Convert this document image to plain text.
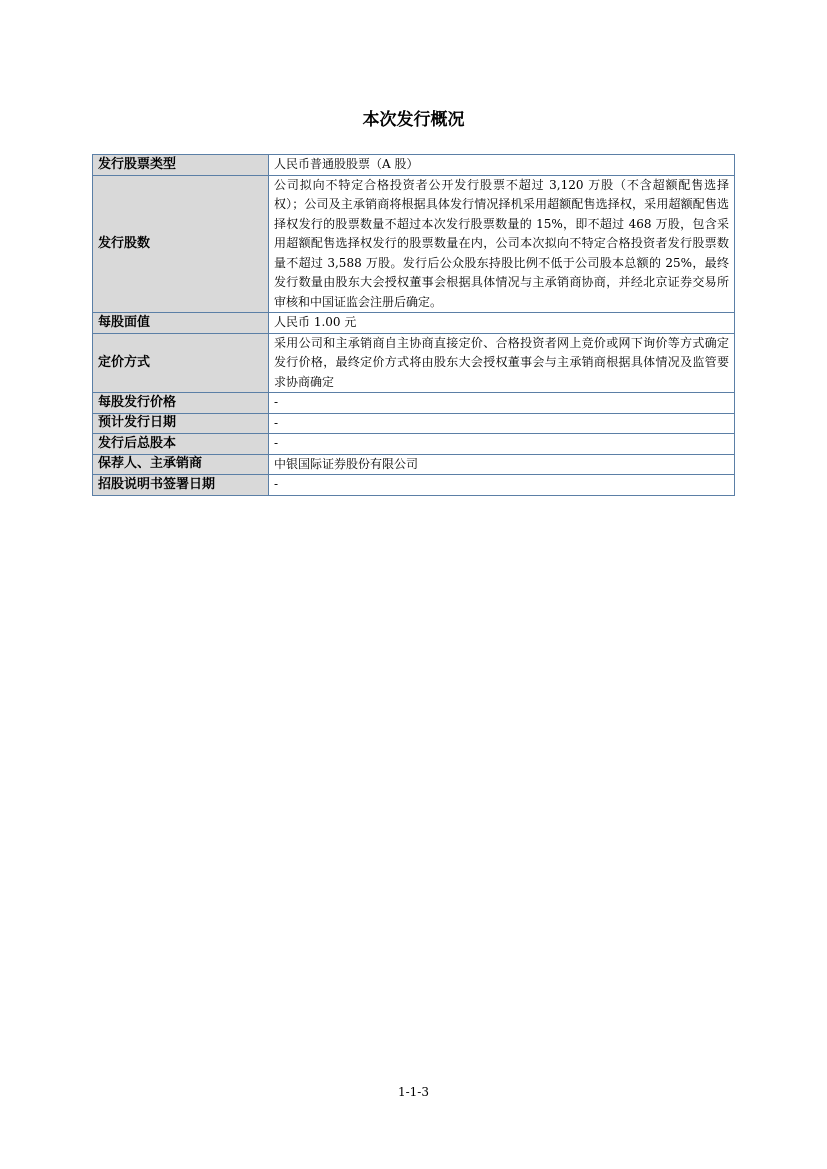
本次发行概况
发行股票类型	人民币普通股股票（A 股）
发行股数	公司拟向不特定合格投资者公开发行股票不超过 3,120 万股（不含超额配售选择权）；公司及主承销商将根据具体发行情况择机采用超额配售选择权，采用超额配售选择权发行的股票数量不超过本次发行股票数量的 15%，即不超过 468 万股，包含采用超额配售选择权发行的股票数量在内，公司本次拟向不特定合格投资者发行股票数量不超过 3,588 万股。发行后公众股东持股比例不低于公司股本总额的 25%，最终发行数量由股东大会授权董事会根据具体情况与主承销商协商，并经北京证券交易所审核和中国证监会注册后确定。
每股面值	人民币 1.00 元
定价方式	采用公司和主承销商自主协商直接定价、合格投资者网上竞价或网下询价等方式确定发行价格，最终定价方式将由股东大会授权董事会与主承销商根据具体情况及监管要求协商确定
每股发行价格	-
预计发行日期	-
发行后总股本	-
保荐人、主承销商	中银国际证券股份有限公司
招股说明书签署日期	-
1-1-3
